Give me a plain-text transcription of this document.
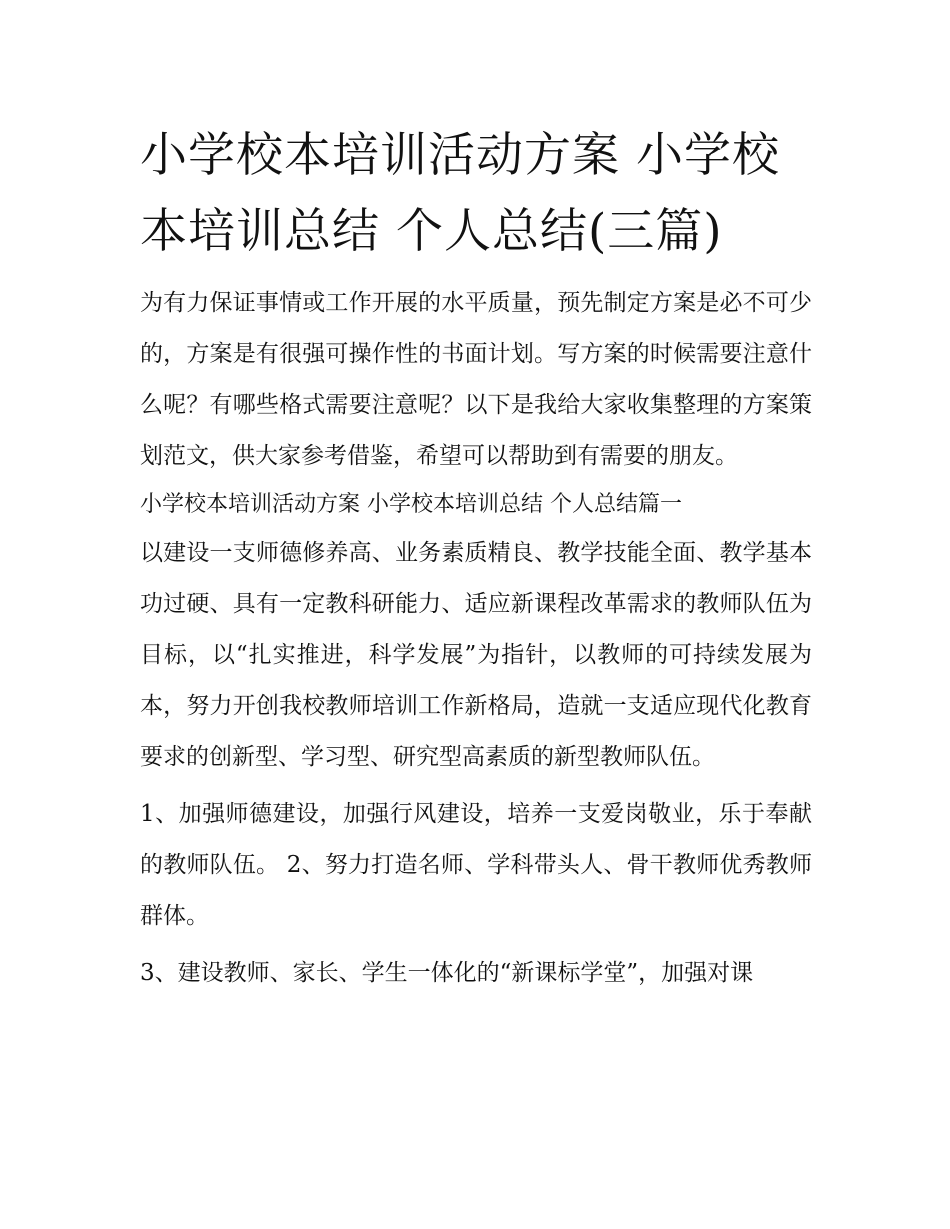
小学校本培训活动方案 小学校本培训总结 个人总结(三篇)

为有力保证事情或工作开展的水平质量，预先制定方案是必不可少的，方案是有很强可操作性的书面计划。写方案的时候需要注意什么呢？有哪些格式需要注意呢？以下是我给大家收集整理的方案策划范文，供大家参考借鉴，希望可以帮助到有需要的朋友。

小学校本培训活动方案 小学校本培训总结 个人总结篇一

以建设一支师德修养高、业务素质精良、教学技能全面、教学基本功过硬、具有一定教科研能力、适应新课程改革需求的教师队伍为目标，以“扎实推进，科学发展”为指针，以教师的可持续发展为本，努力开创我校教师培训工作新格局，造就一支适应现代化教育要求的创新型、学习型、研究型高素质的新型教师队伍。

1、加强师德建设，加强行风建设，培养一支爱岗敬业，乐于奉献的教师队伍。 2、努力打造名师、学科带头人、骨干教师优秀教师群体。

3、建设教师、家长、学生一体化的“新课标学堂”，加强对课
